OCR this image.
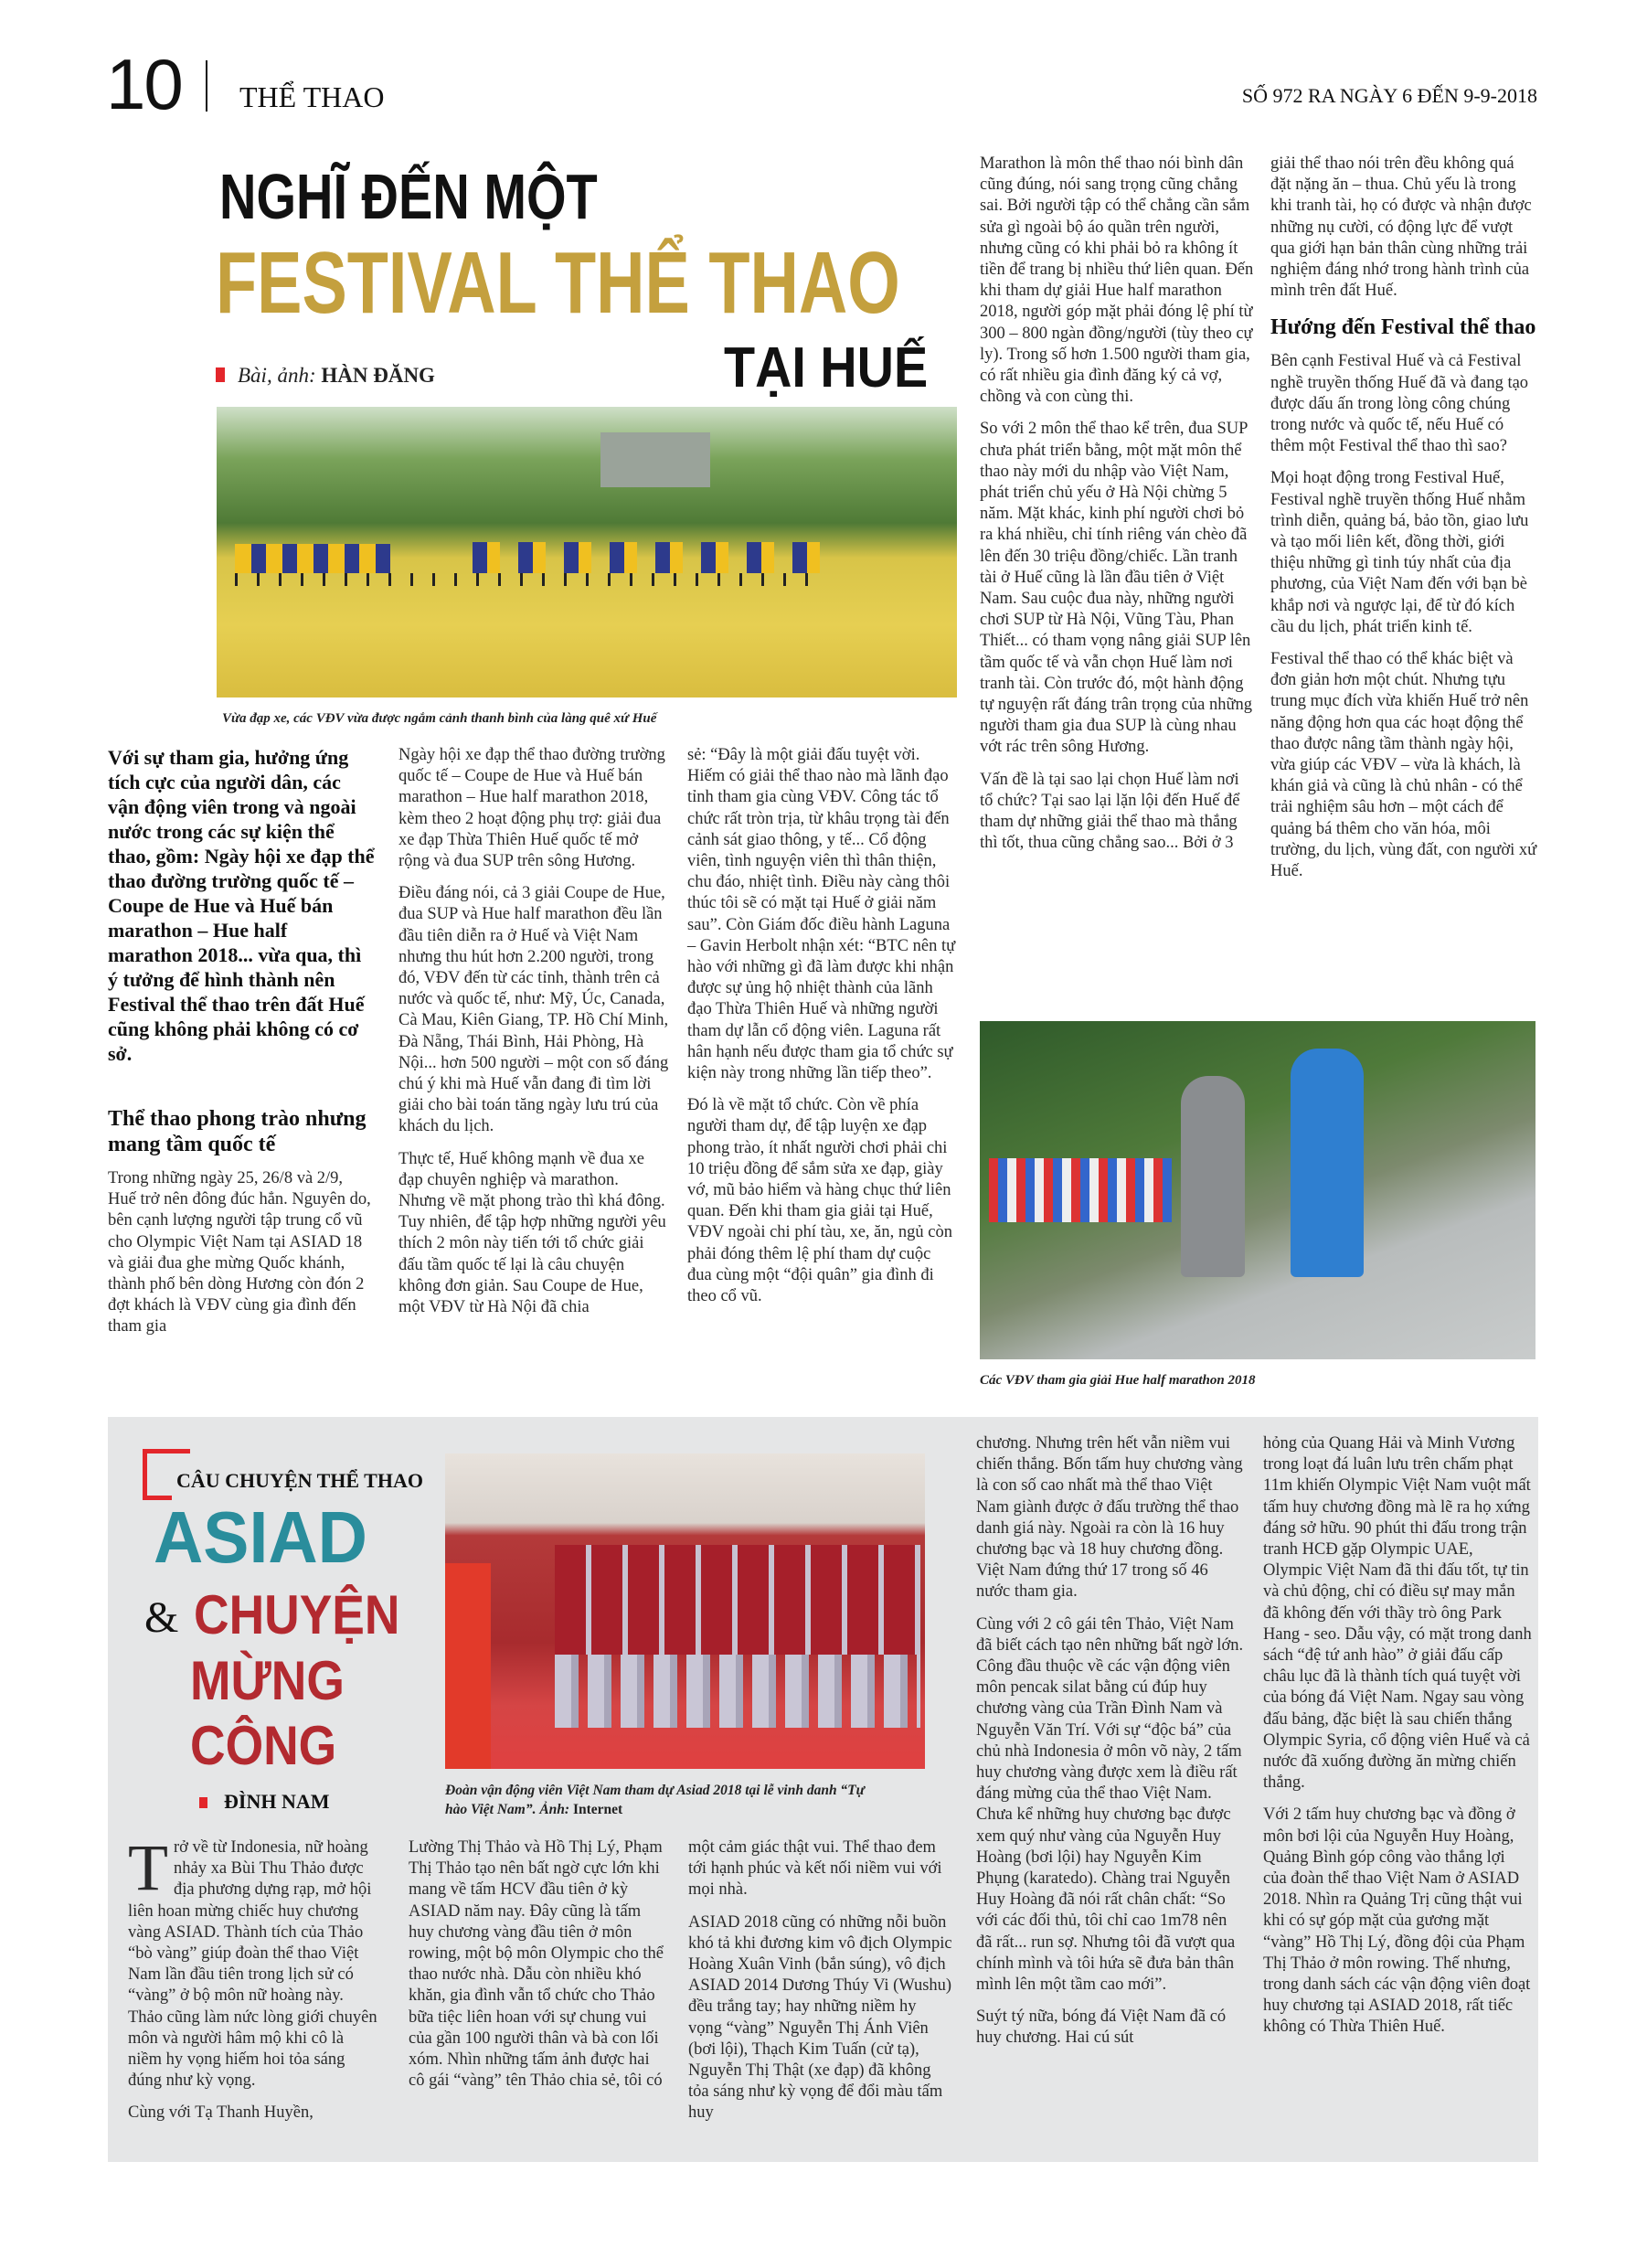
10 THỂ THAO	SỐ 972 RA NGÀY 6 ĐẾN 9-9-2018
NGHĨ ĐẾN MỘT
FESTIVAL THỂ THAO
TẠI HUẾ
Bài, ảnh: HÀN ĐĂNG
Vừa đạp xe, các VĐV vừa được ngắm cảnh thanh bình của làng quê xứ Huế

Với sự tham gia, hưởng ứng tích cực của người dân, các vận động viên trong và ngoài nước trong các sự kiện thể thao, gồm: Ngày hội xe đạp thể thao đường trường quốc tế – Coupe de Hue và Huế bán marathon – Hue half marathon 2018... vừa qua, thì ý tưởng để hình thành nên Festival thể thao trên đất Huế cũng không phải không có cơ sở.

Thể thao phong trào nhưng mang tầm quốc tế

Trong những ngày 25, 26/8 và 2/9, Huế trở nên đông đúc hẳn. Nguyên do, bên cạnh lượng người tập trung cổ vũ cho Olympic Việt Nam tại ASIAD 18 và giải đua ghe mừng Quốc khánh, thành phố bên dòng Hương còn đón 2 đợt khách là VĐV cùng gia đình đến tham gia

Ngày hội xe đạp thể thao đường trường quốc tế – Coupe de Hue và Huế bán marathon – Hue half marathon 2018, kèm theo 2 hoạt động phụ trợ: giải đua xe đạp Thừa Thiên Huế quốc tế mở rộng và đua SUP trên sông Hương.

Điều đáng nói, cả 3 giải Coupe de Hue, đua SUP và Hue half marathon đều lần đầu tiên diễn ra ở Huế và Việt Nam nhưng thu hút hơn 2.200 người, trong đó, VĐV đến từ các tỉnh, thành trên cả nước và quốc tế, như: Mỹ, Úc, Canada, Cà Mau, Kiên Giang, TP. Hồ Chí Minh, Đà Nẵng, Thái Bình, Hải Phòng, Hà Nội... hơn 500 người – một con số đáng chú ý khi mà Huế vẫn đang đi tìm lời giải cho bài toán tăng ngày lưu trú của khách du lịch.

Thực tế, Huế không mạnh về đua xe đạp chuyên nghiệp và marathon. Nhưng về mặt phong trào thì khá đông. Tuy nhiên, để tập hợp những người yêu thích 2 môn này tiến tới tổ chức giải đấu tầm quốc tế lại là câu chuyện không đơn giản. Sau Coupe de Hue, một VĐV từ Hà Nội đã chia

sẻ: “Đây là một giải đấu tuyệt vời. Hiếm có giải thể thao nào mà lãnh đạo tỉnh tham gia cùng VĐV. Công tác tổ chức rất tròn trịa, từ khâu trọng tài đến cảnh sát giao thông, y tế... Cổ động viên, tình nguyện viên thì thân thiện, chu đáo, nhiệt tình. Điều này càng thôi thúc tôi sẽ có mặt tại Huế ở giải năm sau”. Còn Giám đốc điều hành Laguna – Gavin Herbolt nhận xét: “BTC nên tự hào với những gì đã làm được khi nhận được sự ủng hộ nhiệt thành của lãnh đạo Thừa Thiên Huế và những người tham dự lẫn cổ động viên. Laguna rất hân hạnh nếu được tham gia tổ chức sự kiện này trong những lần tiếp theo”.

Đó là về mặt tổ chức. Còn về phía người tham dự, để tập luyện xe đạp phong trào, ít nhất người chơi phải chi 10 triệu đồng để sắm sửa xe đạp, giày vớ, mũ bảo hiểm và hàng chục thứ liên quan. Đến khi tham gia giải tại Huế, VĐV ngoài chi phí tàu, xe, ăn, ngủ còn phải đóng thêm lệ phí tham dự cuộc đua cùng một “đội quân” gia đình đi theo cổ vũ.

Marathon là môn thể thao nói bình dân cũng đúng, nói sang trọng cũng chẳng sai. Bởi người tập có thể chẳng cần sắm sửa gì ngoài bộ áo quần trên người, nhưng cũng có khi phải bỏ ra không ít tiền để trang bị nhiều thứ liên quan. Đến khi tham dự giải Hue half marathon 2018, người góp mặt phải đóng lệ phí từ 300 – 800 ngàn đồng/người (tùy theo cự ly). Trong số hơn 1.500 người tham gia, có rất nhiều gia đình đăng ký cả vợ, chồng và con cùng thi.

So với 2 môn thể thao kể trên, đua SUP chưa phát triển bằng, một mặt môn thể thao này mới du nhập vào Việt Nam, phát triển chủ yếu ở Hà Nội chừng 5 năm. Mặt khác, kinh phí người chơi bỏ ra khá nhiều, chỉ tính riêng ván chèo đã lên đến 30 triệu đồng/chiếc. Lần tranh tài ở Huế cũng là lần đầu tiên ở Việt Nam. Sau cuộc đua này, những người chơi SUP từ Hà Nội, Vũng Tàu, Phan Thiết... có tham vọng nâng giải SUP lên tầm quốc tế và vẫn chọn Huế làm nơi tranh tài. Còn trước đó, một hành động tự nguyện rất đáng trân trọng của những người tham gia đua SUP là cùng nhau vớt rác trên sông Hương.

Vấn đề là tại sao lại chọn Huế làm nơi tổ chức? Tại sao lại lặn lội đến Huế để tham dự những giải thể thao mà thắng thì tốt, thua cũng chẳng sao... Bởi ở 3

giải thể thao nói trên đều không quá đặt nặng ăn – thua. Chủ yếu là trong khi tranh tài, họ có được và nhận được những nụ cười, có động lực để vượt qua giới hạn bản thân cùng những trải nghiệm đáng nhớ trong hành trình của mình trên đất Huế.

Hướng đến Festival thể thao

Bên cạnh Festival Huế và cả Festival nghề truyền thống Huế đã và đang tạo được dấu ấn trong lòng công chúng trong nước và quốc tế, nếu Huế có thêm một Festival thể thao thì sao?

Mọi hoạt động trong Festival Huế, Festival nghề truyền thống Huế nhằm trình diễn, quảng bá, bảo tồn, giao lưu và tạo mối liên kết, đồng thời, giới thiệu những gì tinh túy nhất của địa phương, của Việt Nam đến với bạn bè khắp nơi và ngược lại, để từ đó kích cầu du lịch, phát triển kinh tế.

Festival thể thao có thể khác biệt và đơn giản hơn một chút. Nhưng tựu trung mục đích vừa khiến Huế trở nên năng động hơn qua các hoạt động thể thao được nâng tầm thành ngày hội, vừa giúp các VĐV – vừa là khách, là khán giả và cũng là chủ nhân - có thể trải nghiệm sâu hơn – một cách để quảng bá thêm cho văn hóa, môi trường, du lịch, vùng đất, con người xứ Huế.

Các VĐV tham gia giải Hue half marathon 2018
CÂU CHUYỆN THỂ THAO
ASIAD
& CHUYỆN
MỪNG
CÔNG
ĐÌNH NAM	Đoàn vận động viên Việt Nam tham dự Asiad 2018 tại lễ vinh danh “Tự hào Việt Nam”. Ảnh: Internet

Trở về từ Indonesia, nữ hoàng nhảy xa Bùi Thu Thảo được địa phương dựng rạp, mở hội liên hoan mừng chiếc huy chương vàng ASIAD. Thành tích của Thảo “bò vàng” giúp đoàn thể thao Việt Nam lần đầu tiên trong lịch sử có “vàng” ở bộ môn nữ hoàng này. Thảo cũng làm nức lòng giới chuyên môn và người hâm mộ khi cô là niềm hy vọng hiếm hoi tỏa sáng đúng như kỳ vọng.

Cùng với Tạ Thanh Huyền,

Lường Thị Thảo và Hồ Thị Lý, Phạm Thị Thảo tạo nên bất ngờ cực lớn khi mang về tấm HCV đầu tiên ở kỳ ASIAD năm nay. Đây cũng là tấm huy chương vàng đầu tiên ở môn rowing, một bộ môn Olympic cho thể thao nước nhà. Dẫu còn nhiều khó khăn, gia đình vẫn tổ chức cho Thảo bữa tiệc liên hoan với sự chung vui của gần 100 người thân và bà con lối xóm. Nhìn những tấm ảnh được hai cô gái “vàng” tên Thảo chia sẻ, tôi có

một cảm giác thật vui. Thể thao đem tới hạnh phúc và kết nối niềm vui với mọi nhà.

ASIAD 2018 cũng có những nỗi buồn khó tả khi đương kim vô địch Olympic Hoàng Xuân Vinh (bắn súng), vô địch ASIAD 2014 Dương Thúy Vi (Wushu) đều trắng tay; hay những niềm hy vọng “vàng” Nguyễn Thị Ánh Viên (bơi lội), Thạch Kim Tuấn (cử tạ), Nguyễn Thị Thật (xe đạp) đã không tỏa sáng như kỳ vọng để đổi màu tấm huy

chương. Nhưng trên hết vẫn niềm vui chiến thắng. Bốn tấm huy chương vàng là con số cao nhất mà thể thao Việt Nam giành được ở đấu trường thể thao danh giá này. Ngoài ra còn là 16 huy chương bạc và 18 huy chương đồng. Việt Nam đứng thứ 17 trong số 46 nước tham gia.

Cùng với 2 cô gái tên Thảo, Việt Nam đã biết cách tạo nên những bất ngờ lớn. Công đầu thuộc về các vận động viên môn pencak silat bằng cú đúp huy chương vàng của Trần Đình Nam và Nguyễn Văn Trí. Với sự “độc bá” của chủ nhà Indonesia ở môn võ này, 2 tấm huy chương vàng được xem là điều rất đáng mừng của thể thao Việt Nam. Chưa kể những huy chương bạc được xem quý như vàng của Nguyễn Huy Hoàng (bơi lội) hay Nguyễn Kim Phụng (karatedo). Chàng trai Nguyễn Huy Hoàng đã nói rất chân chất: “So với các đối thủ, tôi chỉ cao 1m78 nên đã rất... run sợ. Nhưng tôi đã vượt qua chính mình và tôi hứa sẽ đưa bản thân mình lên một tầm cao mới”.

Suýt tý nữa, bóng đá Việt Nam đã có huy chương. Hai cú sút

hỏng của Quang Hải và Minh Vương trong loạt đá luân lưu trên chấm phạt 11m khiến Olympic Việt Nam vuột mất tấm huy chương đồng mà lẽ ra họ xứng đáng sở hữu. 90 phút thi đấu trong trận tranh HCĐ gặp Olympic UAE, Olympic Việt Nam đã thi đấu tốt, tự tin và chủ động, chỉ có điều sự may mắn đã không đến với thầy trò ông Park Hang - seo. Dẫu vậy, có mặt trong danh sách “đệ tứ anh hào” ở giải đấu cấp châu lục đã là thành tích quá tuyệt vời của bóng đá Việt Nam. Ngay sau vòng đấu bảng, đặc biệt là sau chiến thắng Olympic Syria, cổ động viên Huế và cả nước đã xuống đường ăn mừng chiến thắng.

Với 2 tấm huy chương bạc và đồng ở môn bơi lội của Nguyễn Huy Hoàng, Quảng Bình góp công vào thắng lợi của đoàn thể thao Việt Nam ở ASIAD 2018. Nhìn ra Quảng Trị cũng thật vui khi có sự góp mặt của gương mặt “vàng” Hồ Thị Lý, đồng đội của Phạm Thị Thảo ở môn rowing. Thế nhưng, trong danh sách các vận động viên đoạt huy chương tại ASIAD 2018, rất tiếc không có Thừa Thiên Huế.
